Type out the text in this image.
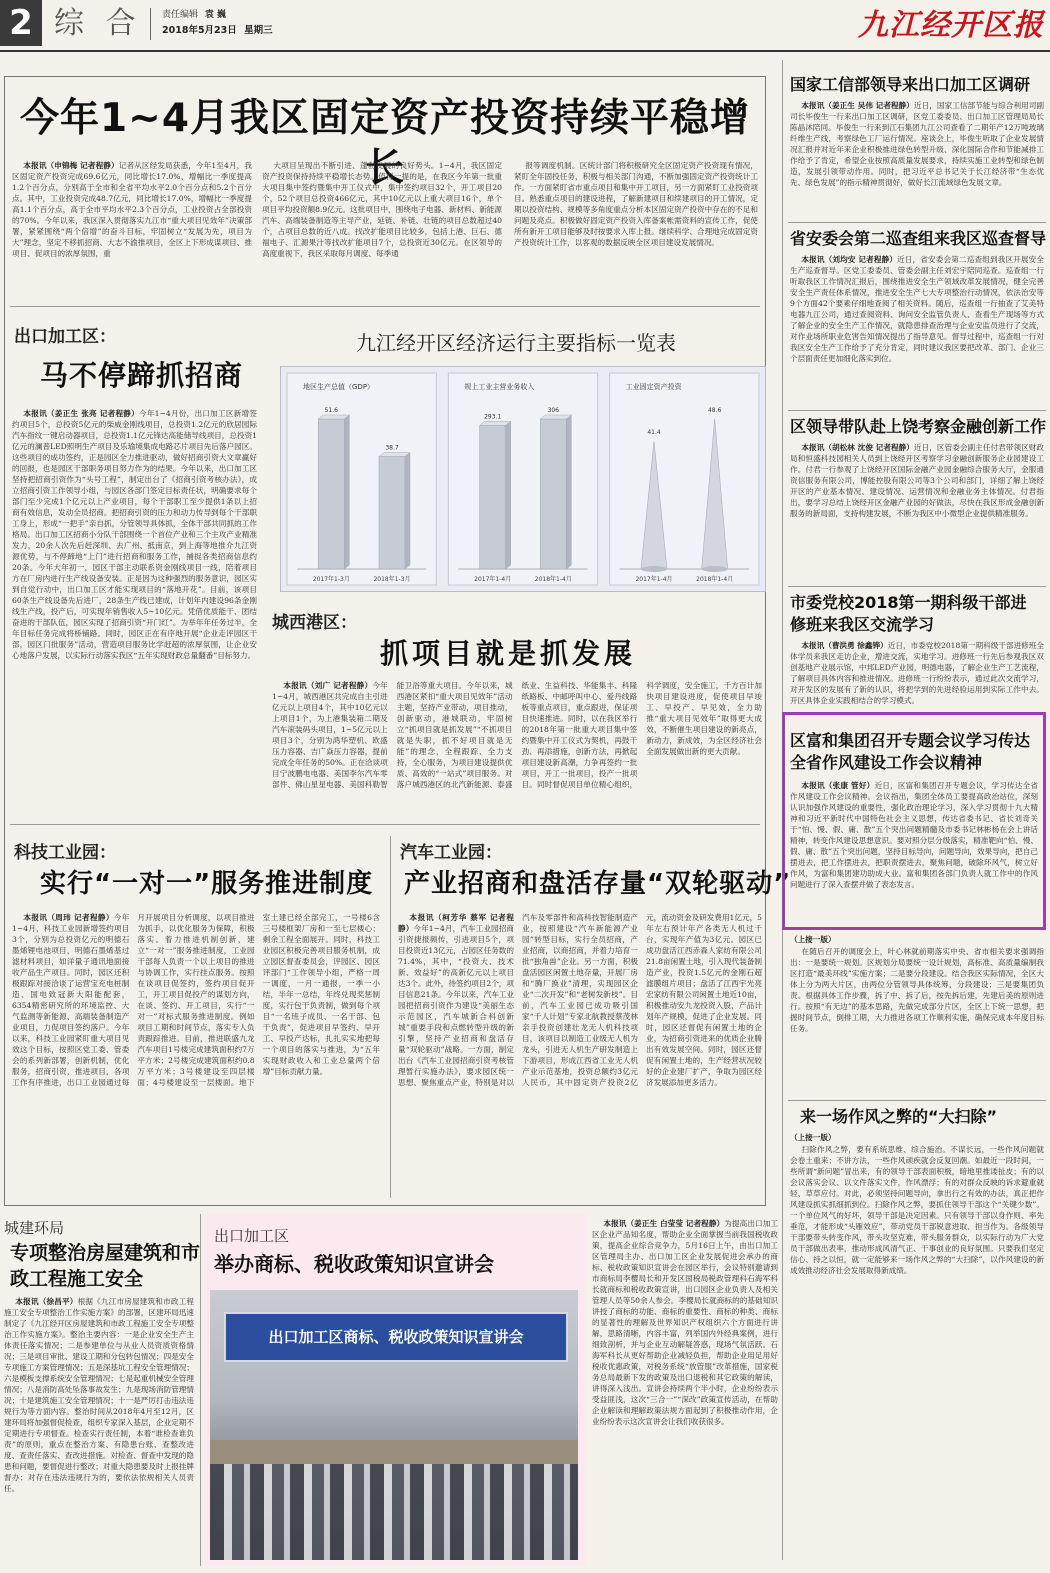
2 综 合 责任编辑 袁 巍
2018年5月23日 星期三	九江经开区报
今年1~4月我区固定资产投资持续平稳增长
本报讯（申锦梅 记者程静）记者从区经发局获悉，今年1至4月，我区固定资产投资完成69.6亿元，同比增长17.0%，增幅比一季度提高1.2个百分点，分别高于全市和全省平均水平2.0个百分点和5.2个百分点。其中，工业投资完成48.7亿元，同比增长17.0%，增幅比一季度提高1.1个百分点，高于全市平均水平2.3个百分点，工业投资占全部投资的70%。今年以来，我区深入贯彻落实九江市“重大项目见效年”决策部署，紧紧围绕“两个倍增”的奋斗目标，牢固树立“发展为先，项目为大”理念，坚定不移抓招商、大志不渝推项目，全区上下形成谋项目、推项目、促项目的浓厚氛围，重
大项目呈现出不断引进、蓬勃发展的良好势头。1~4月，我区固定资产投资保持持续平稳增长态势。值得一提的是，在我区今年第一批重大项目集中签约暨集中开工仪式中，集中签约项目32个，开工项目20个，52个项目总投资466亿元，其中10亿元以上重大项目16个，单个项目平均投资额8.9亿元。这批项目中，围绕电子电器、新材料、新能源汽车、高端装备制造等主导产业，延链、补链、壮链的项目总数超过40个，占项目总数的近八成。找改扩能项目比较多，包括上港、巨石、德福电子、汇源果汁等找改扩能项目7个，总投资近30亿元。在区领导的高度重视下，我区采取每月调度、每季通
报等调度机制。区统计部门将积极研究全区固定资产投资现有情况，紧盯全年固投任务，积极与相关部门沟通，不断加强固定资产投资统计工作。一方面紧盯省市重点项目和集中开工项目，另一方面紧盯工业投资项目。熟悉重点项目的建设进程，了解新建项目和续建项目的开工情况，定期以投资结构、规模等多角度重点分析本区固定资产投资中存在的不足和问题及亮点。积极做好固定资产投资入库备案帐需资料的宣传工作，促使所有新开工项目能够及时按要求入库上报。继续科学、合理地完成固定资产投资统计工作，以客观的数据反映全区项目建设发展情况。
出口加工区：
马不停蹄抓招商
本报讯（姜正生 张亮 记者程静）今年1~4月份，出口加工区新增签约项目5个，总投资5亿元的柴威金刚线项目，总投资1.2亿元的欣居园际汽车指纹一键启动器项目，总投资1.1亿元锋达高能储导线项目，总投资1亿元的澜普LED照明生产项目及乐瑜境集成电路芯片项目先后落户园区。这些项目的成功签约，正是园区全力推进驱动，做好招商引资大文章赢好的回报，也是园区干部职务项目努力作为的结果。今年以来，出口加工区坚持把招商引资作为“头号工程”，制定出台了《招商引资考核办法》，成立招商引资工作领导小组，与园区各部门签定目标责任状，明确要求每个部门至少完成1个亿元以上产业项目，每个干部职工至少提供1条以上招商有效信息，发动全员招商。把招商引资的压力和动力传导到每个干部职工身上，形成“一把手”亲自抓，分管领导具体抓，全体干部共同抓的工作格局。出口加工区招商小分队干部围绕一个首位产业和三个主攻产业精准发力，20余人次先后赶深圳、去广州、抵南京，到上海等地推介九江资源优势，与不停蹄地“上门”进行招商和服务工作，捕捉各类招商信息约20条。今年大年初一，园区干部主动联系资金刚线项目一线，陪着项目方在厂房内进行生产线设备安装。正是因为这种强烈的服务意识，园区实到自觉行动中，出口加工区才能实现项目的“落地开花”。目前，该项目60条生产线设备先后进厂，28条生产线已建成，计划年内建设96条金刚线生产线，投产后，可实现年销售收入5~10亿元。凭借优质能干、团结奋进的干部队伍，园区实现了招商引资“开门红”。为举年年任务过半，全年目标任务完成将桥铺路。同时，园区正在有序地开展“企业走评园区干部，园区门批服务”活动，营造项目服务比学赶超的浓厚氛围，让企业安心地落户发展，以实际行动落实我区“五年实现财政总量翻番”目标努力。
九江经开区经济运行主要指标一览表
地区生产总值（GDP）
51.6
2017年1-3月
38.7
2018年1-3月
规上工业主营业务收入
293.1
2017年1-4月
306
2018年1-4月
工业固定资产投资
41.4
2017年1-4月
48.6
2018年1-4月
城西港区：
抓项目就是抓发展
本报讯（刘广 记者程静）今年1~4月，城西港区共完成自主引进亿元以上项目4个，其中10亿元以上项目1个，为上港集装箱二期及汽车滚装码头项目，1~5亿元以上项目3个，分别为鸿华塑机、欧盛压力容器、吉广焱压力容器，提前完成全年任务的50%。正在洽谈项目宁波鹏电电器、美国李尔汽车零部件、佛山星星电器、美国科勒智能卫浴等重大项目。今年以来，城西港区紧扣“重大项目见效年”活动主题，坚持产业带动，项目推动，创新驱动，港城联动，牢固树立“抓项目就是抓发展”“不抓项目就是失职，抓不好项目就是无能”的理念，全程跟踪、全力支持，全心服务，为项目建设提供优质、高效的“一站式”项目服务。对落户城西港区的北汽新能源、泰盛纸业、生益科技、华能集丰、科隆纸路板、中邮呼叫中心、爱丹线路板等重点项目，重点跟进，保证项目快速推进。同时，以在我区举行的2018年第一批重大项目集中签约暨集中开工仪式为契机，再鼓干劲、再添措施，创新方法，再掀起项目建设新高潮，力争再签约一批项目，开工一批项目，投产一批项目。同时督促项目单位精心组织，科学调度，安全施工，千方百计加快项目建设进度，促使项目早竣工、早投产、早见效，全力助推“重大项目见效年”取得更大成效，不断催生项目建设的新亮点，新动力，新成效，为全区经济社会全面发展做出新的更大贡献。
科技工业园：
实行“一对一”服务推进制度
本报讯（周玮 记者程静）今年1~4月，科技工业园新增签约项目3个，分别为总投资亿元的明德石墨烯锂电池项目，明德石墨烯基过滤材料项目，如洋量子通讯地面接收产品生产项目。同时，园区还积极跟踪对接洽谈了运营宝充电桩制造、国电致冠新大阳能配套，6354精密研究所的环境监控、大气监测等新能源、高端装备制造产业项目，力促项目签约落户。今年以来，科技工业园紧盯重大项目见效这个目标，按照区党工委、管委会的系列新部署，创新机制，优化服务，招商引资，推进项目，各项工作有序推进，出口工业园通过每月开展项目分析调度，以项目推进为抓手，以优化服务为保障，积极落实。着力推进机制创新，建立“一对一”服务推进制度，工业园干部每人负责一个以上项目的推进与协调工作，实行挂点服务。按照在谈项目促签约，签约项目促开工，开工项目促投产的谋划方向，在谈、签约、开工项目，实行“一对一”对标式服务推进制度。例如项目工期和时间节点，落实专人负责跟踪推进。目前，推进联盛九龙汽车项目1号楼完成建筑面积约7万平方米；2号楼完成建筑面积约0.8万平方米；3号楼建设至四层楼面；4号楼建设至一层楼面。地下室土建已经全部完工，一号楼6含三号楼框架厂房和一至七层楼心；剩余工程全面展开。同时，科技工业园区积极完善项目服务机制，成立园区督查委员会，评园区、园区评部门“工作领导小组，严格一周一调度，一月一通报，一季一小结，半年一总结，年终兑现奖惩制度，实行包干负责制，做到每个项目“一名班子成员、一名干部、包干负责”，促进项目早签约、早开工、早投产达标，扎扎实实地把每一个项目的落实与推进，为“五年实现财政收入和工业总量两个倍增”目标贡献力量。
汽车工业园：
产业招商和盘活存量“双轮驱动”
本报讯（柯芳华 蔡军 记者程静）今年1~4月，汽车工业园招商引资捷报频传，引进项目5个，项目投资近13亿元，占园区任务数的71.4%，其中，“投资大、技术新、效益好”的高新亿元以上项目达3个。此外，待签约项目2个，项目信息21条。今年以来，汽车工业园把招商引资作为建设“美丽生态示范园区，汽车城新合科创新城”重要手段和点燃转型升级的新引擎，坚持产业招商和盘活存量“双轮驱动”战略。一方面，制定出台《汽车工业园招商引资考核管理暂行实施办法》，要求园区统一思想、聚焦重点产业，特别是对以汽车及零部件和高科技智能制造产业，按照建设“汽车新能源产业园”转型目标，实行全员招商，产业招商，以商招商，并着力培育一批“独角兽”企业。另一方面，积极盘活园区闲置土地存量，开展厂房和“腾厂换业”清理，实现园区企业“二次开发”和“老树发新枝”。目前，汽车工业园已成功吸引国家“千人计划”专家北航教授蔡茂林亲手投资创建壮龙无人机科技项目，该项目以制造工业级无人机为龙头，引进无人机生产研发制造上下游项目，形成江西省工业无人机产业示范基地，投资总额约3亿元人民币，其中固定资产投资2亿元，流动资金及研发费用1亿元，5年左右预计年产各类无人机过千台，实现年产值为3亿元。园区已成功盘活江西赤森人家纺有限公司21.8亩闲置土地，引入现代装备制造产业，投资1.5亿元的金刚石超滤膜组片项目；盘活了江西宇光亮宏家纺有限公司闲置土地近10亩，积极推动安九龙投资入股，产品计划年产规模，促进了企业发展。同时，园区还督促有闲置土地的企业，为招商引资进来的优质企业腾出有效发展空间。同时，园区还督促有闲置土地的，生产经营状况较好的企业建厂扩产，争取为园区经济发展添加更多活力。
城建环局
专项整治房屋建筑和市政工程施工安全
本报讯（徐昌平）根据《九江市房屋建筑和市政工程施工安全专项整治工作实施方案》的部署，区建环局迅速制定了《九江经开区房屋建筑和市政工程施工安全专项整治工作实施方案》。整治主要内容：一是企业安全生产主体责任落实情况；二是参建单位与从业人员资质资格情况；三是项目审批、建设工期和分包转包情况；四是安全专项施工方案管理情况；五是深基坑工程安全管理情况；六是模板支撑系统安全管理情况；七是起重机械安全管理情况；八是消防高处坠落事故发生；九是现场消防管理情况；十是建筑施工安全管理情况；十一是严厉打击违法违规行为等方面内容。整治时间从2018年4月至12月，区建环局将加强督促检查，组织专家深入基层，企业定期不定期进行专项督查。检查实行责任制，本着“谁检查谁负责”的原则，重点在整治方案、有隐患台账、查整改进度、查责任落实、查改进措施。对检查、督查中发现的隐患和问题，要督促进行整改；对重大隐患要及时上报挂牌督办；对存在违法违规行为的，要依法依规相关人员责任。
出口加工区
举办商标、税收政策知识宣讲会
出口加工区商标、税收政策知识宣讲会
本报讯（姜正生 白莹莹 记者程静）为提高出口加工区企业产品知名度，帮助企业全面掌握当前我国税收政策，提高企业综合竞争力，5月16日上午，由出口加工区管理局主办、出口加工区企业发展促进会承办的商标、税收政策知识宣讲会在园区举行，会议特别邀请到市商标局李樱局长和开发区国税局税政管理科石海军科长就商标和税收政策宣讲，出口园区企业负责人及相关管理人员等50余人参会。李樱局长就商标的的基础知识讲授了商标的功能、商标的重要性、商标的种类、商标的显著性的理解及世界知识产权组织六个方面进行讲解，思路清晰，内容丰富，列举国内外经典案例，进行细致剖析，并与企业互动解疑答惑，现场气氛活跃。石海军科长从更好帮助企业减轻负担，帮助企业用足用好税收优惠政策，对税务系统“放管服”改革措施，国家税务总局最新下发的政策及出口退税和其它政策的解读，讲得深入浅出。宣讲会持续两个半小时，企业纷纷表示受益匪浅，这次“三合一”“深改”政策宣传活动，在帮助企业解读和理解政策法规方面起到了积极推动作用，企业纷纷表示这次宣讲会让我们收获很多。
国家工信部领导来出口加工区调研
本报讯（姜正生 吴伟 记者程静）近日，国家工信部节能与综合利用司副司长毕俊生一行来出口加工区调研，区党工委委员、出口加工区管理局局长陈晶沐陪同。毕俊生一行来到江石集团九江公司查看了二期年产12万吨玻璃纤维生产线，考察绿色工厂运行情况。座谈会上，毕俊生听取了企业发展情况汇报并对近年来企业积极推进绿色转型升级、深化国际合作和节能减排工作给予了肯定，希望企业按照高质量发展要求，持续实施工业转型和绿色制造，发展引领带动作用。同时，把习近平总书记关于长江经济带“生态优先、绿色发展”的指示精神贯彻好，做好长江流域绿色发展文章。
省安委会第二巡查组来我区巡查督导
本报讯（刘均安 记者程静）近日，省安委会第二巡查组到我区开展安全生产巡查督导。区党工委委员、管委会副主任刘宏宇陪同巡查。巡查组一行听取我区工作情况汇报后，围绕推进安全生产领域改革发展情况，健全完善安全生产责任体系情况，推进安全生产七大专项整治行动情况，依法治安等9个方面42个要素仔细地查阅了相关资料。随后，巡查组一行抽查了艾美特电器九江公司，通过查阅资料、询问安全监管负责人、查看生产现场等方式了解企业的安全生产工作情况，就隐患排查治理与企业安监员进行了交流，对作业场所职业危害告知情况提出了指导意见。督导过程中，巡查组一行对我区安全生产工作给予了充分肯定，同时建议我区要把改革、部门、企业三个层面责任更加细化落实到位。
区领导带队赴上饶考察金融创新工作
本报讯（胡松林 沈俊 记者程静）近日，区管委会副主任付君带领区财政局和恒盛科技园相关人员到上饶经开区考察学习金融创新服务企业园建设工作。付君一行参观了上饶经开区国际金融产业园金融综合服务大厅，金服通资信服务有限公司，博能控股有限公司等3个公司和部门，详细了解上饶经开区的产业基本情况、建设情况、运营情况和金融业务主体情况。付君指出，要学习总结上饶经开区金融产业园的好做法，尽快在我区形成金融创新服务的新局面，支持构建发展，不断为我区中小微型企业提供精准服务。
市委党校2018第一期科级干部进修班来我区交流学习
本报讯（曹洪勇 徐鑫铧）近日，市委党校2018第一期科级干部进修班全体学员来我区走访企业，增进交流，实地学习。进修班一行先后参观我区双创基地产业展示馆，中邦LED产业园，明德电器，了解企业生产工艺流程，了解项目具体内容和推进情况。进修班一行纷纷表示，通过此次交流学习，对开发区的发展有了新的认识，将把学到的先进经验运用到实际工作中去。开区具体企业实践相结合的学习模式。
区富和集团召开专题会议学习传达全省作风建设工作会议精神
本报讯（张康 管好）近日，区富和集团召开专题会议，学习传达全省作风建设工作会议精神。会议指出，集团全体员工要提高政治站位，深刻认识加强作风建设的重要性，强化政治理论学习，深入学习贯彻十九大精神和习近平新时代中国特色社会主义思想，传达省委书记、省长刘奇关于“怕、慢、假、庸、散”五个突出问题精髓及市委书记林彬杨在会上讲话精神，转变作风建设思想意识。要对照分层分级落实，精准靶向“怕、慢、假、庸、散”五个突出问题，坚持目标导向，问题导向，效果导向，把自己摆进去，把工作摆进去，把职责摆进去，聚焦问题，破除环风气，树立好作风，为富和集团建功助成大业。富和集团各部门负责人就工作中的作风问题进行了深入查摆并做了表态发言。
（上接一版）
在随后召开的调度会上，叶心林就前期落实中央、省市相关要求强调指出：一是要统一规划。区规划分局要统一设计规划，高标准、高质量编制我区打造“最美环线”实施方案；二是要分段建设。结合我区实际情况，全区大体上分为两大片区，由两位分管领导具体统筹，分段建设；三是要集团负责。根据具体工作步骤，拆了中、拆了后，按先拆后建，先建后美的原则进行。按照“有无边”的基本思路，先做完成部分片区，全区上下统一思想，把握时间节点，倒排工期，大力推进各项工作顺利实施，确保完成本年度目标任务。
来一场作风之弊的“大扫除”
（上接一版）
扫除作风之弊，要有系统思维、综合施治。不谋长远，一些作风问题就会卷土重来；不讲方法，一些作风顽疾就会反复回潮。如最近一段时间，一些所谓“新问题”冒出来，有的领导干部表面积极，暗地里推诿扯皮；有的以会议落实会议、以文件落实文件，作风漂浮；有的对群众反映的诉求避重就轻、草草应付。对此，必须坚持问题导向，拿出行之有效的办法，真正把作风建设抓实抓细抓到位。扫除作风之弊，要抓住领导干部这个“关键少数”。一个单位风气的好坏，领导干部是决定因素。只有领导干部以身作则、率先垂范，才能形成“头雁效应”，带动党员干部锐意进取、担当作为。各级领导干部要带头转变作风，带头攻坚克难，带头服务群众，以实际行动为广大党员干部做出表率，推动形成风清气正、干事创业的良好氛围。只要我们坚定信心、持之以恒，就一定能够来一场作风之弊的“大扫除”，以作风建设的新成效推动经济社会发展取得新成绩。
